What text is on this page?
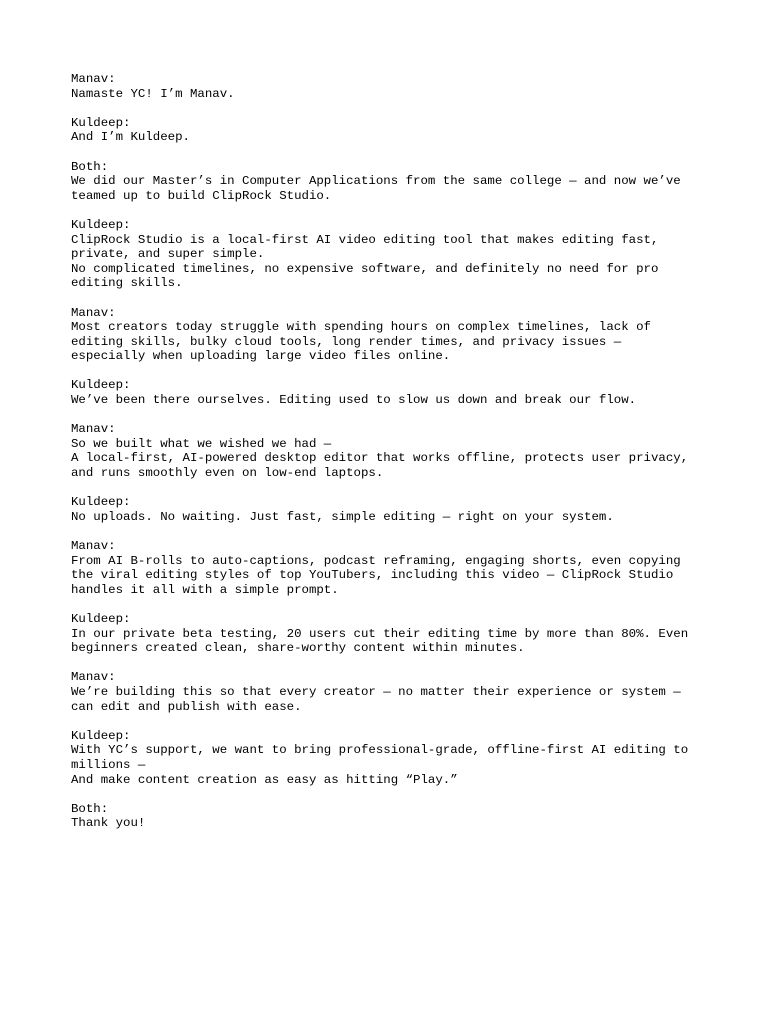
Manav:
Namaste YC! I’m Manav.
Kuldeep:
And I’m Kuldeep.
Both:
We did our Master’s in Computer Applications from the same college — and now we’ve
teamed up to build ClipRock Studio.
Kuldeep:
ClipRock Studio is a local-first AI video editing tool that makes editing fast,
private, and super simple.
No complicated timelines, no expensive software, and definitely no need for pro
editing skills.
Manav:
Most creators today struggle with spending hours on complex timelines, lack of
editing skills, bulky cloud tools, long render times, and privacy issues —
especially when uploading large video files online.
Kuldeep:
We’ve been there ourselves. Editing used to slow us down and break our flow.
Manav:
So we built what we wished we had —
A local-first, AI-powered desktop editor that works offline, protects user privacy,
and runs smoothly even on low-end laptops.
Kuldeep:
No uploads. No waiting. Just fast, simple editing — right on your system.
Manav:
From AI B-rolls to auto-captions, podcast reframing, engaging shorts, even copying
the viral editing styles of top YouTubers, including this video — ClipRock Studio
handles it all with a simple prompt.
Kuldeep:
In our private beta testing, 20 users cut their editing time by more than 80%. Even
beginners created clean, share-worthy content within minutes.
Manav:
We’re building this so that every creator — no matter their experience or system —
can edit and publish with ease.
Kuldeep:
With YC’s support, we want to bring professional-grade, offline-first AI editing to
millions —
And make content creation as easy as hitting “Play.”
Both:
Thank you!
